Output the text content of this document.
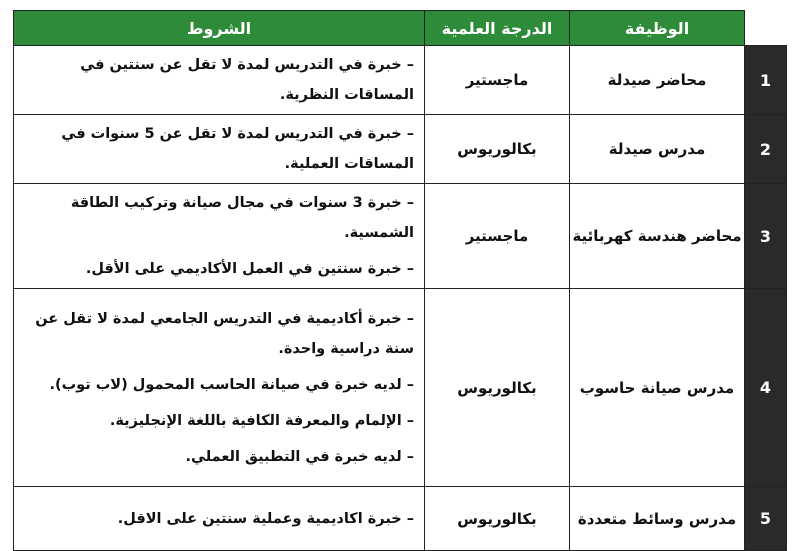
	الوظيفة	الدرجة العلمية	الشروط
1	محاضر صيدلة	ماجستير	– خبرة في التدريس لمدة لا تقل عن سنتين في المساقات النظرية.

2	مدرس صيدلة	بكالوريوس	– خبرة في التدريس لمدة لا تقل عن 5 سنوات في المساقات العملية.

3	محاضر هندسة كهربائية	ماجستير	– خبرة 3 سنوات في مجال صيانة وتركيب الطاقة الشمسية.

– خبرة سنتين في العمل الأكاديمي على الأقل.

4	مدرس صيانة حاسوب	بكالوريوس	– خبرة أكاديمية في التدريس الجامعي لمدة لا تقل عن سنة دراسية واحدة.

– لديه خبرة في صيانة الحاسب المحمول (لاب توب).

– الإلمام والمعرفة الكافية باللغة الإنجليزية.

– لديه خبرة في التطبيق العملي.

5	مدرس وسائط متعددة	بكالوريوس	– خبرة اكاديمية وعملية سنتين على الاقل.
